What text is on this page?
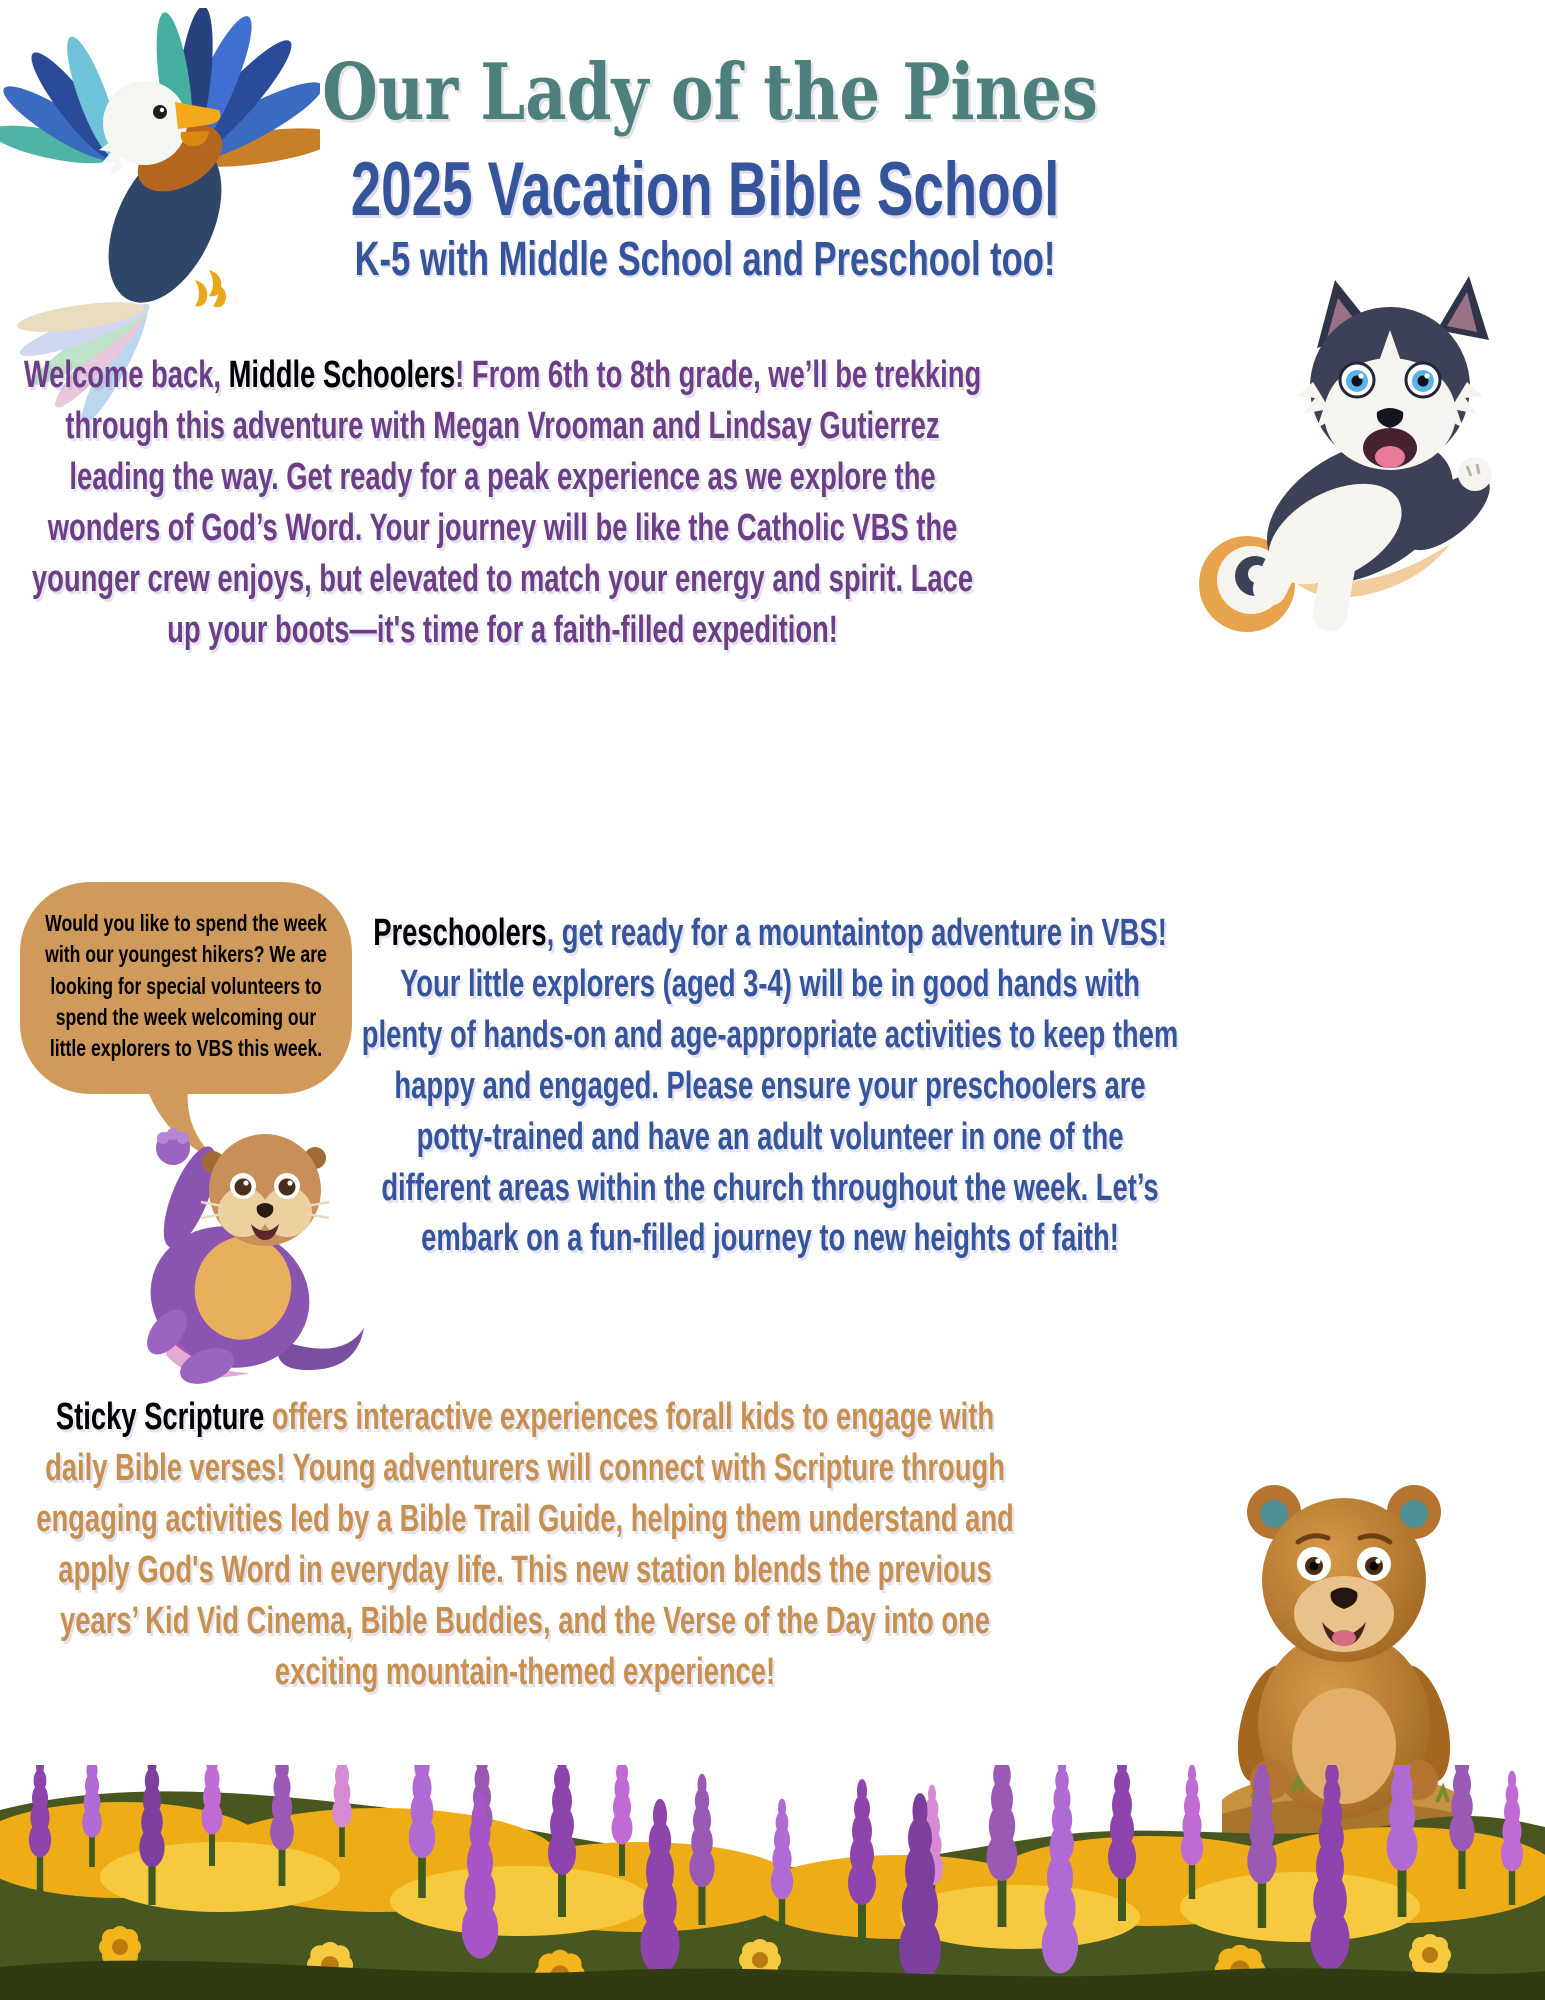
Our Lady of the Pines
2025 Vacation Bible School
K-5 with Middle School and Preschool too!
Welcome back, Middle Schoolers! From 6th to 8th grade, we’ll be trekking through this adventure with Megan Vrooman and Lindsay Gutierrez leading the way. Get ready for a peak experience as we explore the wonders of God’s Word. Your journey will be like the Catholic VBS the younger crew enjoys, but elevated to match your energy and spirit. Lace up your boots—it's time for a faith-filled expedition!
Would you like to spend the week with our youngest hikers? We are looking for special volunteers to spend the week welcoming our little explorers to VBS this week.
Preschoolers, get ready for a mountaintop adventure in VBS! Your little explorers (aged 3-4) will be in good hands with plenty of hands-on and age-appropriate activities to keep them happy and engaged. Please ensure your preschoolers are potty-trained and have an adult volunteer in one of the different areas within the church throughout the week. Let’s embark on a fun-filled journey to new heights of faith!
Sticky Scripture offers interactive experiences forall kids to engage with daily Bible verses! Young adventurers will connect with Scripture through engaging activities led by a Bible Trail Guide, helping them understand and apply God's Word in everyday life. This new station blends the previous years’ Kid Vid Cinema, Bible Buddies, and the Verse of the Day into one exciting mountain-themed experience!
